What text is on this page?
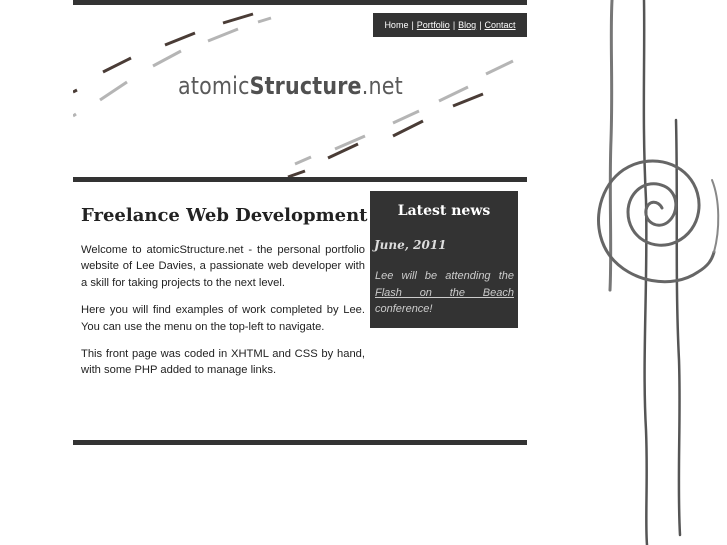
Home | Portfolio | Blog | Contact
atomicStructure.net
Freelance Web Development

Welcome to atomicStructure.net - the personal portfolio website of Lee Davies, a passionate web developer with a skill for taking projects to the next level.

Here you will find examples of work completed by Lee. You can use the menu on the top-left to navigate.

This front page was coded in XHTML and CSS by hand, with some PHP added to manage links.

Latest news
June, 2011
Lee will be attending the Flash on the Beach conference!
